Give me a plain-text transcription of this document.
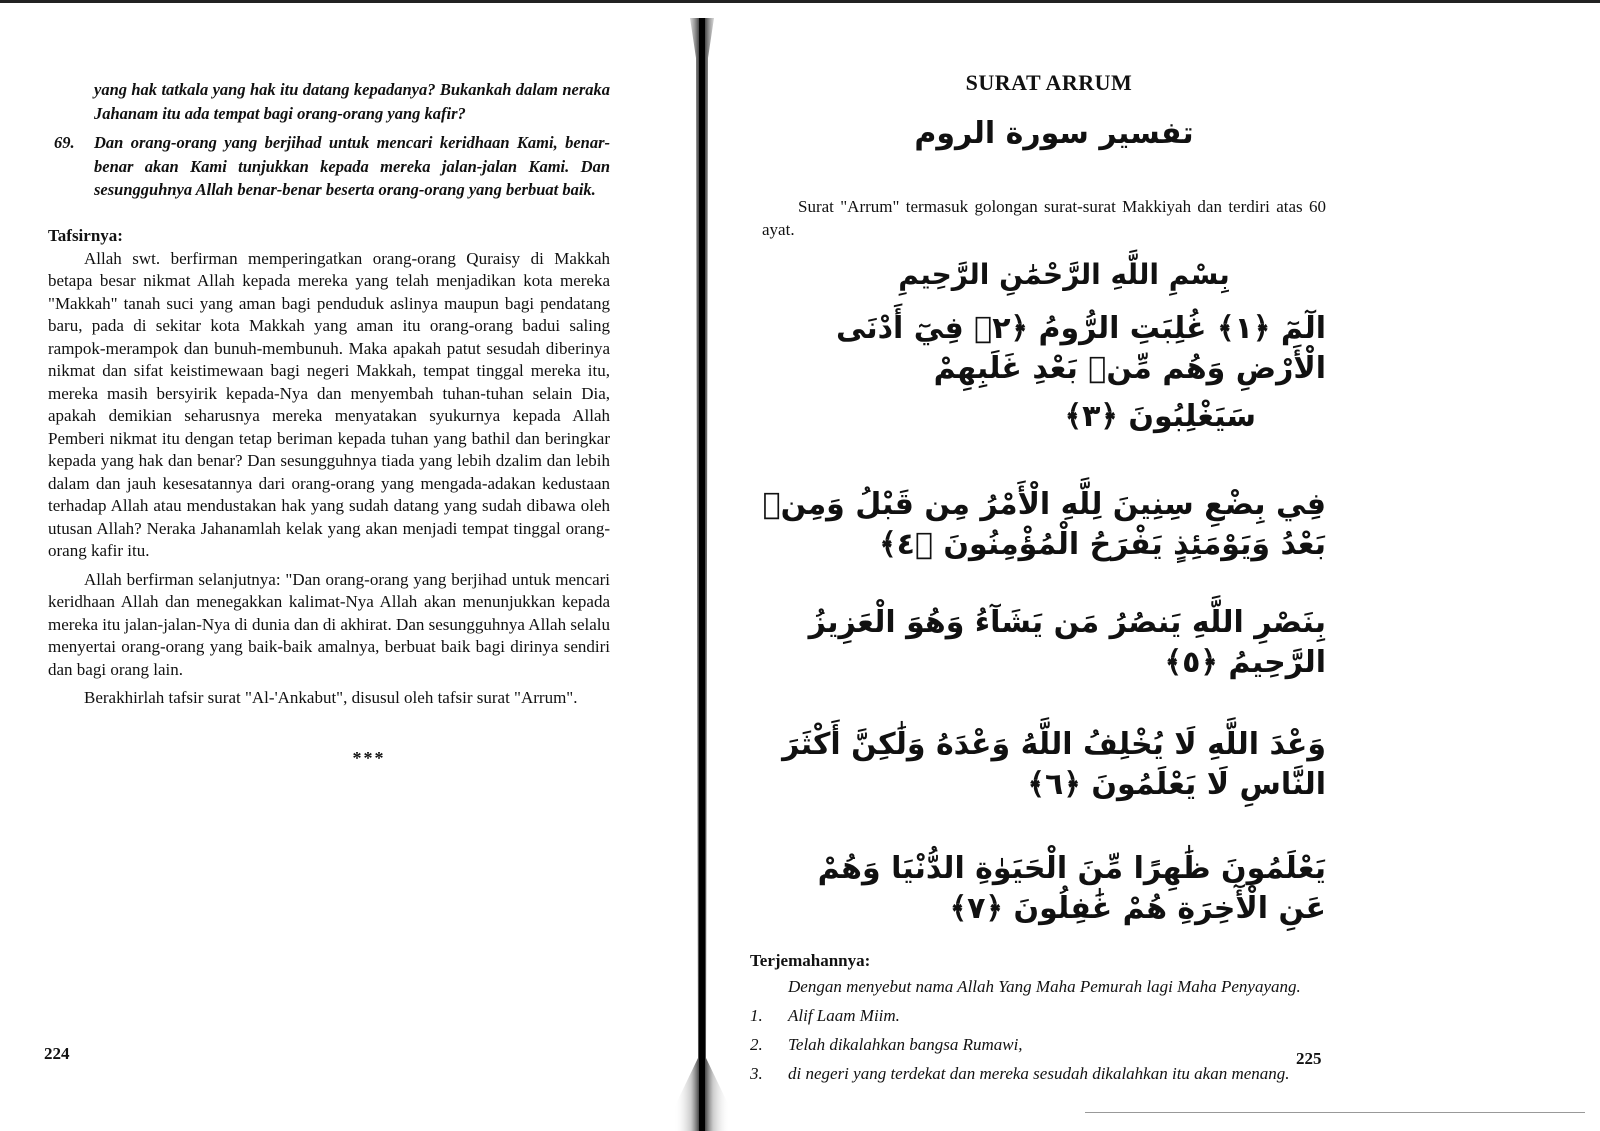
yang hak tatkala yang hak itu datang kepadanya? Bukankah dalam neraka Jahanam itu ada tempat bagi orang-orang yang kafir?
69.	Dan orang-orang yang berjihad untuk mencari keridhaan Kami, benar-benar akan Kami tunjukkan kepada mereka jalan-jalan Kami. Dan sesungguhnya Allah benar-benar beserta orang-orang yang berbuat baik.
Tafsirnya:

Allah swt. berfirman memperingatkan orang-orang Quraisy di Makkah betapa besar nikmat Allah kepada mereka yang telah menjadikan kota mereka "Makkah" tanah suci yang aman bagi penduduk aslinya maupun bagi pendatang baru, pada di sekitar kota Makkah yang aman itu orang-orang badui saling rampok-merampok dan bunuh-membunuh. Maka apakah patut sesudah diberinya nikmat dan sifat keistimewaan bagi negeri Makkah, tempat tinggal mereka itu, mereka masih bersyirik kepada-Nya dan menyembah tuhan-tuhan selain Dia, apakah demikian seharusnya mereka menyatakan syukurnya kepada Allah Pemberi nikmat itu dengan tetap beriman kepada tuhan yang bathil dan beringkar kepada yang hak dan benar? Dan sesungguhnya tiada yang lebih dzalim dan lebih dalam dan jauh kesesatannya dari orang-orang yang mengada-adakan kedustaan terhadap Allah atau mendustakan hak yang sudah datang yang sudah dibawa oleh utusan Allah? Neraka Jahanamlah kelak yang akan menjadi tempat tinggal orang-orang kafir itu.

Allah berfirman selanjutnya: "Dan orang-orang yang berjihad untuk mencari keridhaan Allah dan menegakkan kalimat-Nya Allah akan menunjukkan kepada mereka itu jalan-jalan-Nya di dunia dan di akhirat. Dan sesungguhnya Allah selalu menyertai orang-orang yang baik-baik amalnya, berbuat baik bagi dirinya sendiri dan bagi orang lain.

Berakhirlah tafsir surat "Al-'Ankabut", disusul oleh tafsir surat "Arrum".

***
224
SURAT ARRUM
تفسير سورة الروم
Surat "Arrum" termasuk golongan surat-surat Makkiyah dan terdiri atas 60 ayat.
بِسْمِ اللَّهِ الرَّحْمَٰنِ الرَّحِيمِ
الٓمٓ ﴿١﴾ غُلِبَتِ الرُّومُ ﴿٢﴾ فِيٓ أَدْنَى الْأَرْضِ وَهُم مِّنۢ بَعْدِ غَلَبِهِمْ
سَيَغْلِبُونَ ﴿٣﴾
فِي بِضْعِ سِنِينَ لِلَّهِ الْأَمْرُ مِن قَبْلُ وَمِنۢ بَعْدُ وَيَوْمَئِذٍ يَفْرَحُ الْمُؤْمِنُونَ ﴿٤﴾
بِنَصْرِ اللَّهِ يَنصُرُ مَن يَشَآءُ وَهُوَ الْعَزِيزُ الرَّحِيمُ ﴿٥﴾
وَعْدَ اللَّهِ لَا يُخْلِفُ اللَّهُ وَعْدَهُ وَلَٰكِنَّ أَكْثَرَ النَّاسِ لَا يَعْلَمُونَ ﴿٦﴾
يَعْلَمُونَ ظَٰهِرًا مِّنَ الْحَيَوٰةِ الدُّنْيَا وَهُمْ عَنِ الْأٓخِرَةِ هُمْ غَٰفِلُونَ ﴿٧﴾
Terjemahannya:
Dengan menyebut nama Allah Yang Maha Pemurah lagi Maha Penyayang.
1.	Alif Laam Miim.
2.	Telah dikalahkan bangsa Rumawi,
3.	di negeri yang terdekat dan mereka sesudah dikalahkan itu akan menang.
225
